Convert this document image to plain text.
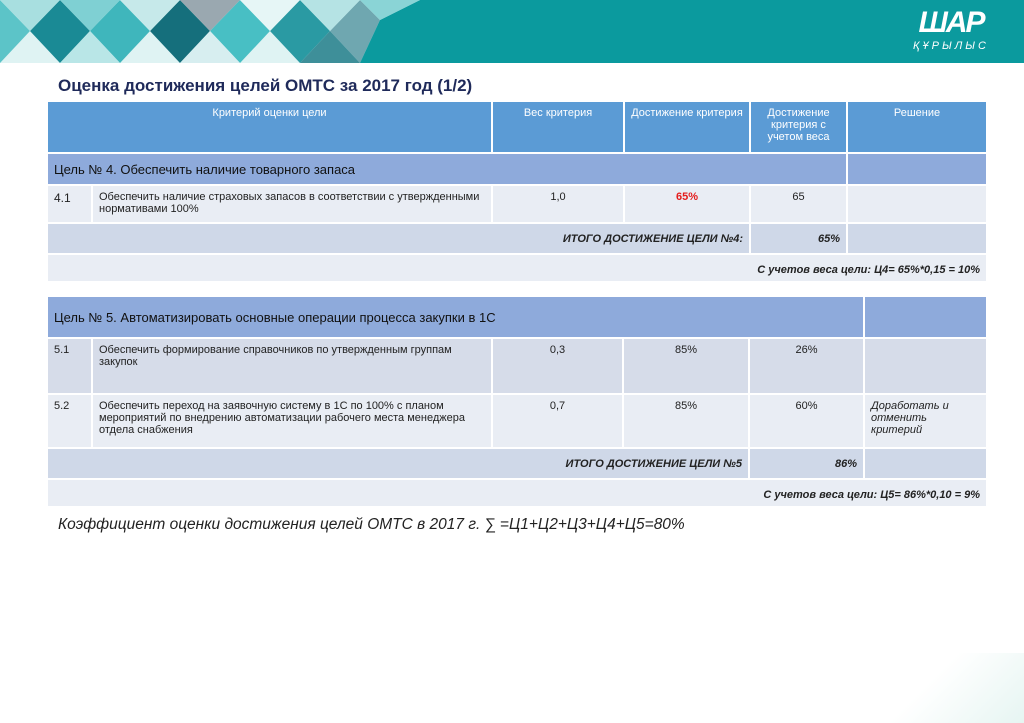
ШАР
ҚҰРЫЛЫС
Оценка достижения целей ОМТС за 2017 год (1/2)
Критерий оценки цели		Вес критерия	Достижение критерия	Достижение критерия с учетом веса	Решение
Цель № 4. Обеспечить наличие товарного запаса					
4.1	Обеспечить наличие страховых запасов в соответствии с утвержденными нормативами 100%	1,0	65%	65	
ИТОГО ДОСТИЖЕНИЕ ЦЕЛИ №4:				65%	
С учетов веса цели: Ц4= 65%*0,15 = 10%					
Цель № 5. Автоматизировать основные операции процесса закупки в 1С					
5.1	Обеспечить формирование справочников по утвержденным группам закупок	0,3	85%	26%	
5.2	Обеспечить переход на заявочную систему в 1С по 100% с планом мероприятий по внедрению автоматизации рабочего места менеджера отдела снабжения	0,7	85%	60%	Доработать и отменить критерий
ИТОГО ДОСТИЖЕНИЕ ЦЕЛИ №5				86%	
С учетов веса цели: Ц5= 86%*0,10 = 9%					
Коэффициент оценки достижения целей ОМТС в 2017 г. ∑ =Ц1+Ц2+Ц3+Ц4+Ц5=80%
